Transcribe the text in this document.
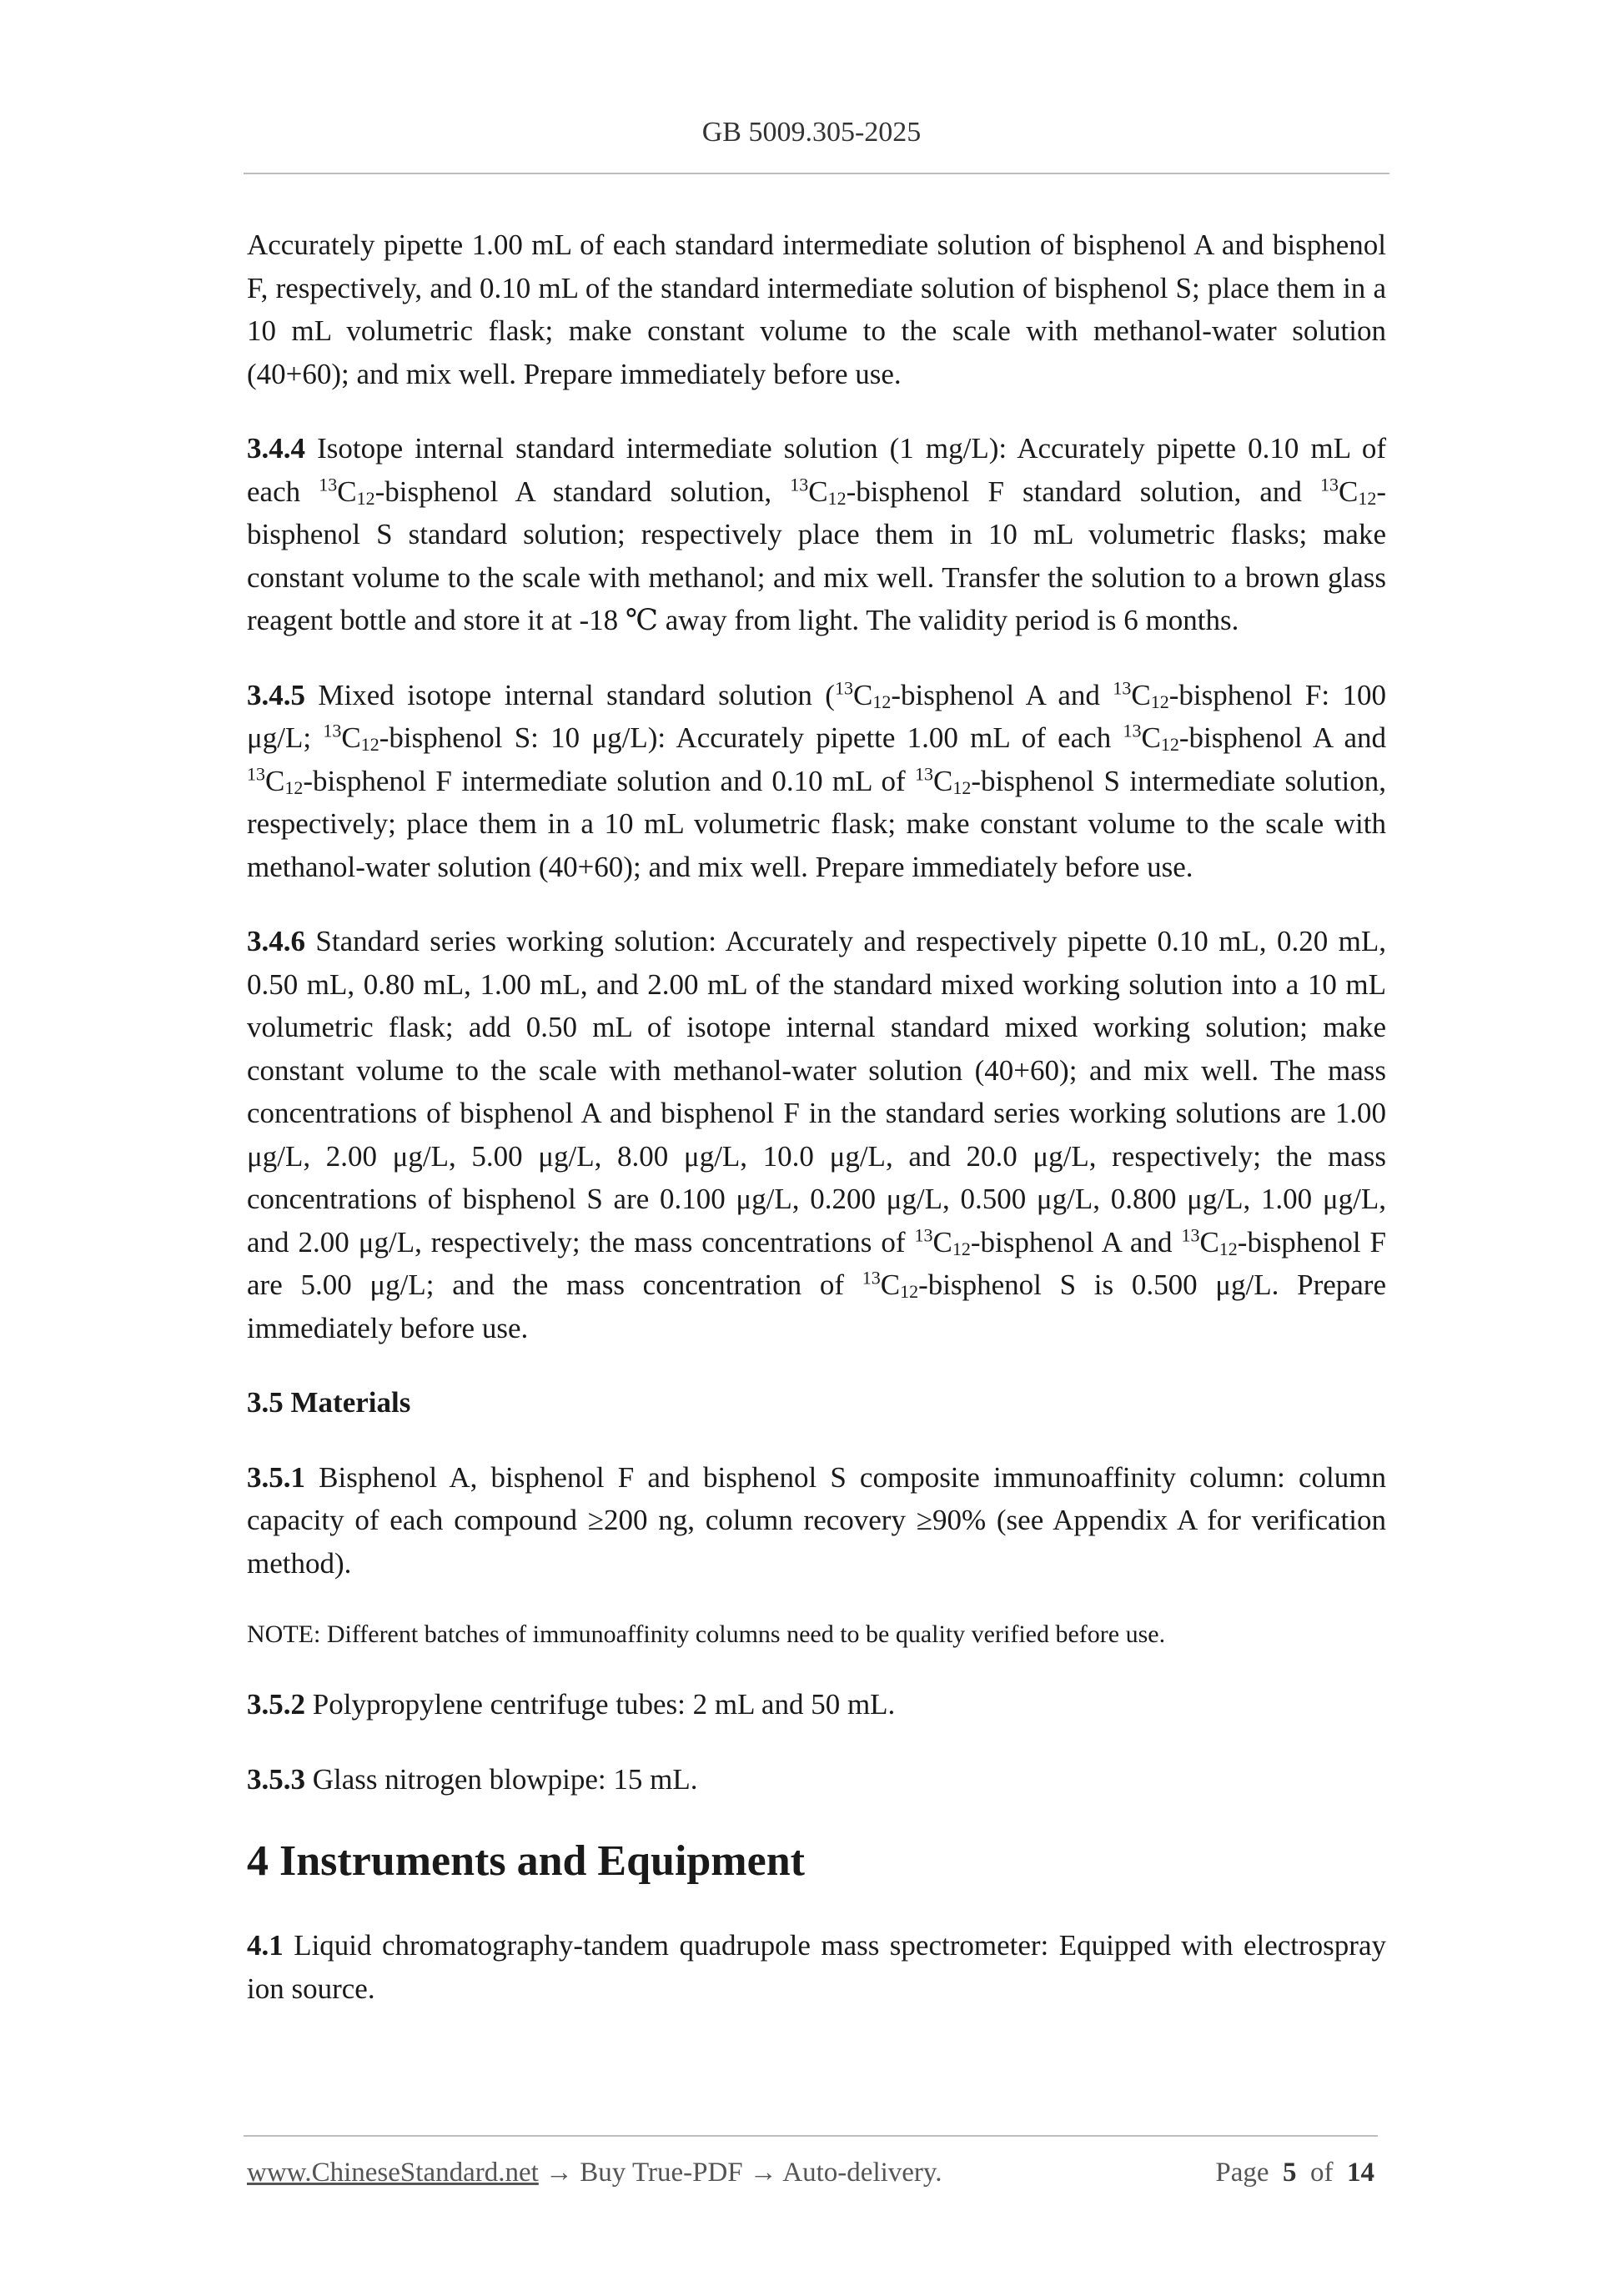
GB 5009.305-2025

Accurately pipette 1.00 mL of each standard intermediate solution of bisphenol A and bisphenol F, respectively, and 0.10 mL of the standard intermediate solution of bisphenol S; place them in a 10 mL volumetric flask; make constant volume to the scale with methanol-water solution (40+60); and mix well. Prepare immediately before use.

3.4.4 Isotope internal standard intermediate solution (1 mg/L): Accurately pipette 0.10 mL of each $^{13}C_{12}$-bisphenol A standard solution, $^{13}C_{12}$-bisphenol F standard solution, and $^{13}C_{12}$-bisphenol S standard solution; respectively place them in 10 mL volumetric flasks; make constant volume to the scale with methanol; and mix well. Transfer the solution to a brown glass reagent bottle and store it at -18 ℃ away from light. The validity period is 6 months.

3.4.5 Mixed isotope internal standard solution ($^{13}C_{12}$-bisphenol A and $^{13}C_{12}$-bisphenol F: 100 μg/L; $^{13}C_{12}$-bisphenol S: 10 μg/L): Accurately pipette 1.00 mL of each $^{13}C_{12}$-bisphenol A and $^{13}C_{12}$-bisphenol F intermediate solution and 0.10 mL of $^{13}C_{12}$-bisphenol S intermediate solution, respectively; place them in a 10 mL volumetric flask; make constant volume to the scale with methanol-water solution (40+60); and mix well. Prepare immediately before use.

3.4.6 Standard series working solution: Accurately and respectively pipette 0.10 mL, 0.20 mL, 0.50 mL, 0.80 mL, 1.00 mL, and 2.00 mL of the standard mixed working solution into a 10 mL volumetric flask; add 0.50 mL of isotope internal standard mixed working solution; make constant volume to the scale with methanol-water solution (40+60); and mix well. The mass concentrations of bisphenol A and bisphenol F in the standard series working solutions are 1.00 μg/L, 2.00 μg/L, 5.00 μg/L, 8.00 μg/L, 10.0 μg/L, and 20.0 μg/L, respectively; the mass concentrations of bisphenol S are 0.100 μg/L, 0.200 μg/L, 0.500 μg/L, 0.800 μg/L, 1.00 μg/L, and 2.00 μg/L, respectively; the mass concentrations of $^{13}C_{12}$-bisphenol A and $^{13}C_{12}$-bisphenol F are 5.00 μg/L; and the mass concentration of $^{13}C_{12}$-bisphenol S is 0.500 μg/L. Prepare immediately before use.

3.5 Materials

3.5.1 Bisphenol A, bisphenol F and bisphenol S composite immunoaffinity column: column capacity of each compound ≥200 ng, column recovery ≥90% (see Appendix A for verification method).

NOTE: Different batches of immunoaffinity columns need to be quality verified before use.

3.5.2 Polypropylene centrifuge tubes: 2 mL and 50 mL.

3.5.3 Glass nitrogen blowpipe: 15 mL.

4 Instruments and Equipment

4.1 Liquid chromatography-tandem quadrupole mass spectrometer: Equipped with electrospray ion source.

www.ChineseStandard.net → Buy True-PDF → Auto-delivery.	Page 5 of 14
